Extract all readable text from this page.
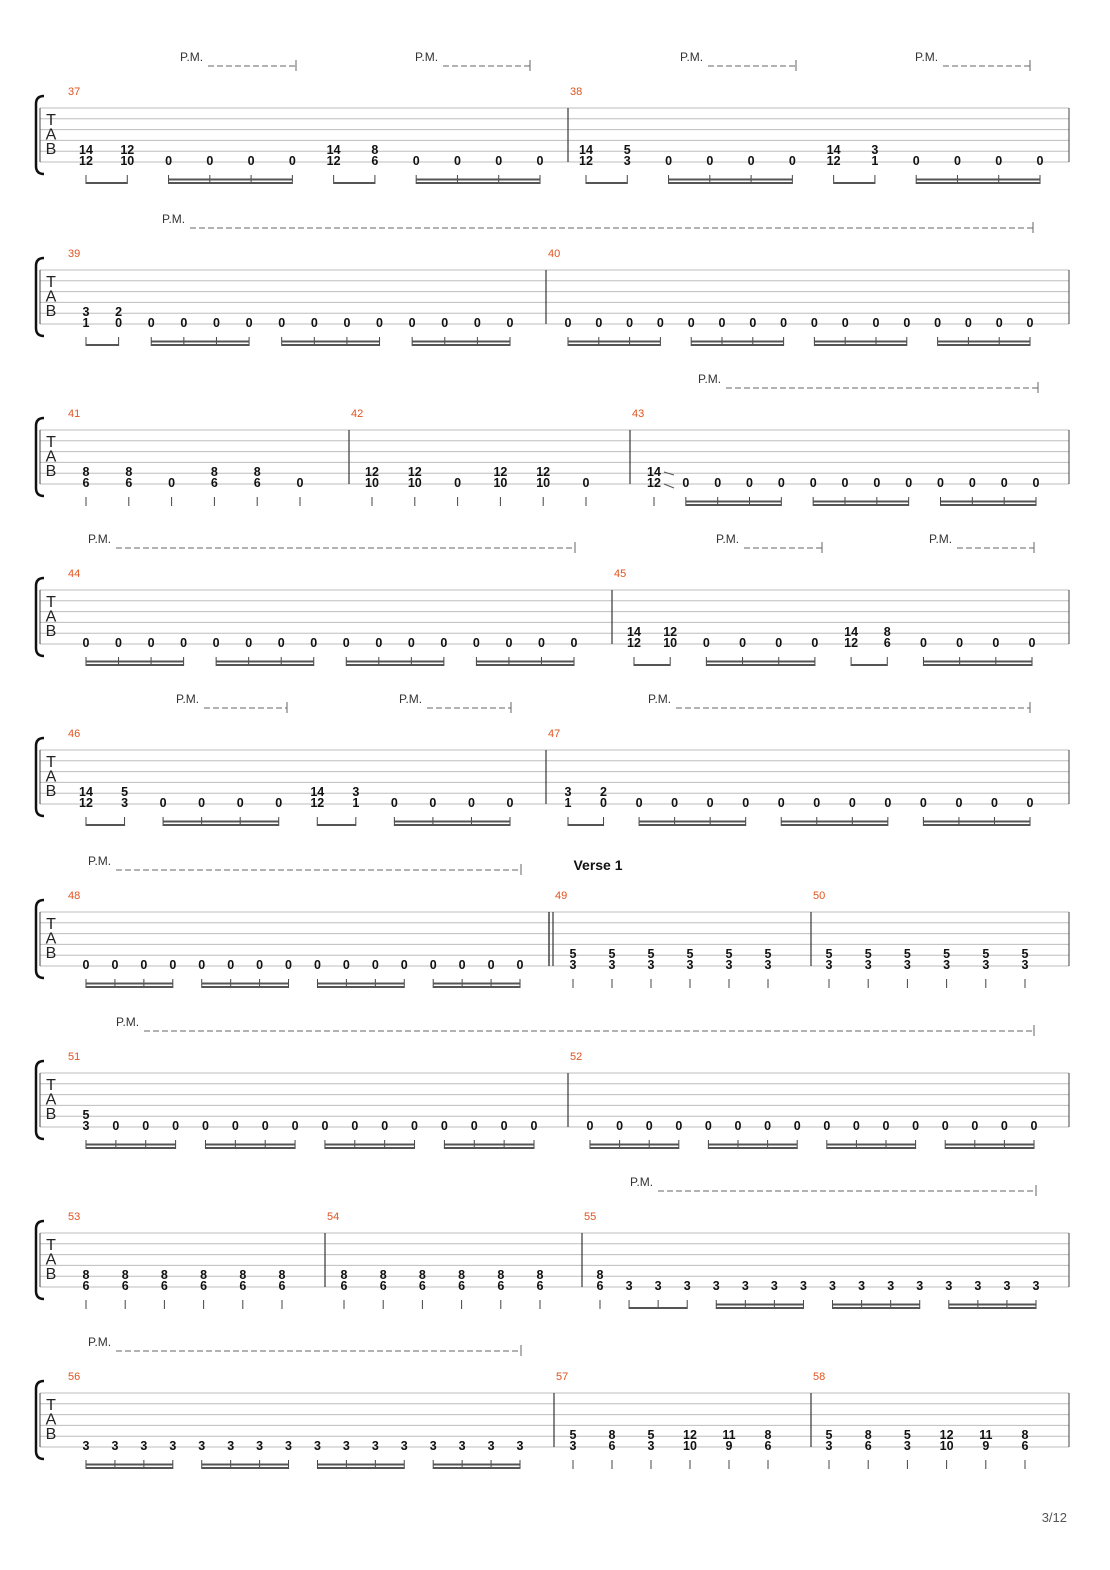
T
A
B
P.M.	P.M.	P.M.	P.M.
37
14
12
12
10 0	0	0	0
14
12
8
6	0	0	0	0
38
14
12
5
3	0	0	0	0
14
12
3
1	0	0	0	0
T
A
B
P.M.
39
3
1
2
0 0 0 0 0 0 0 0 0 0 0 0 0
40
0 0 0 0 0 0 0 0 0 0 0 0 0 0 0 0
T
A
B
P.M.
41
8
6
8
6	0
8
6
8
6	0
42
12
10
12
10	0
12
10
12
10	0
43
14
12 0 0 0 0 0 0 0 0 0 0 0 0
T
A
B
P.M.	P.M.	P.M.
44
0 0 0 0 0 0 0 0 0 0 0 0 0 0 0 0
45
14
12
12
10 0 0 0 0
14
12
8
6 0 0 0 0
T
A
B
P.M.	P.M.	P.M.
46
14
12
5
3	0	0	0	0
14
12
3
1	0	0	0	0
47
3
1
2
0 0 0 0 0 0 0 0 0 0 0 0 0
T
A
B
P.M.	Verse 1
48
0 0 0 0 0 0 0 0 0 0 0 0 0 0 0 0
49
5
3
5
3
5
3
5
3
5
3
5
3
50
5
3
5
3
5
3
5
3
5
3
5
3
T
A
B
P.M.
51
5
3 0 0 0 0 0 0 0 0 0 0 0 0 0 0 0
52
0 0 0 0 0 0 0 0 0 0 0 0 0 0 0 0
T
A
B
P.M.
53
8
6
8
6
8
6
8
6
8
6
8
6
54
8
6
8
6
8
6
8
6
8
6
8
6
55
8
6 3 3 3 3 3 3 3 3 3 3 3 3 3 3 3
T
A
B
P.M.
56
3 3 3 3 3 3 3 3 3 3 3 3 3 3 3 3
57
5
3
8
6
5
3
12
10
11
9
8
6
58
5
3
8
6
5
3
12
10
11
9
8
6
3/12
